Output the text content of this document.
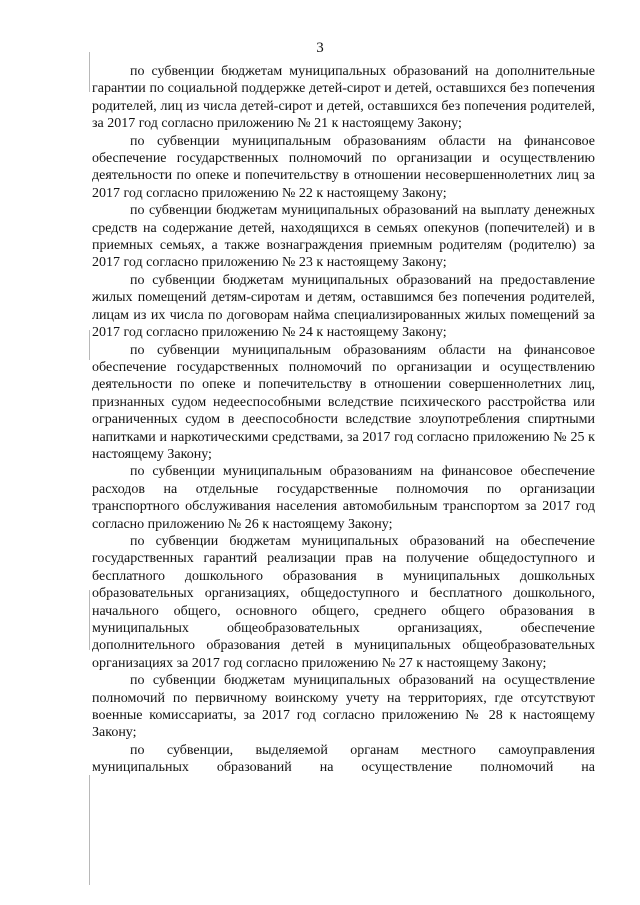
3

по субвенции бюджетам муниципальных образований на дополнительные гарантии по социальной поддержке детей-сирот и детей, оставшихся без попечения родителей, лиц из числа детей-сирот и детей, оставшихся без попечения родителей, за 2017 год согласно приложению № 21 к настоящему Закону;

по субвенции муниципальным образованиям области на финансовое обеспечение государственных полномочий по организации и осуществлению деятельности по опеке и попечительству в отношении несовершеннолетних лиц за 2017 год согласно приложению № 22 к настоящему Закону;

по субвенции бюджетам муниципальных образований на выплату денежных средств на содержание детей, находящихся в семьях опекунов (попечителей) и в приемных семьях, а также вознаграждения приемным родителям (родителю) за 2017 год согласно приложению № 23 к настоящему Закону;

по субвенции бюджетам муниципальных образований на предоставление жилых помещений детям-сиротам и детям, оставшимся без попечения родителей, лицам из их числа по договорам найма специализированных жилых помещений за 2017 год согласно приложению № 24 к настоящему Закону;

по субвенции муниципальным образованиям области на финансовое обеспечение государственных полномочий по организации и осуществлению деятельности по опеке и попечительству в отношении совершеннолетних лиц, признанных судом недееспособными вследствие психического расстройства или ограниченных судом в дееспособности вследствие злоупотребления спиртными напитками и наркотическими средствами, за 2017 год согласно приложению № 25 к настоящему Закону;

по субвенции муниципальным образованиям на финансовое обеспечение расходов на отдельные государственные полномочия по организации транспортного обслуживания населения автомобильным транспортом за 2017 год согласно приложению № 26 к настоящему Закону;

по субвенции бюджетам муниципальных образований на обеспечение государственных гарантий реализации прав на получение общедоступного и бесплатного дошкольного образования в муниципальных дошкольных образовательных организациях, общедоступного и бесплатного дошкольного, начального общего, основного общего, среднего общего образования в муниципальных общеобразовательных организациях, обеспечение дополнительного образования детей в муниципальных общеобразовательных организациях за 2017 год согласно приложению № 27 к настоящему Закону;

по субвенции бюджетам муниципальных образований на осуществление полномочий по первичному воинскому учету на территориях, где отсутствуют военные комиссариаты, за 2017 год согласно приложению № 28 к настоящему Закону;

по субвенции, выделяемой органам местного самоуправления муниципальных образований на осуществление полномочий на
